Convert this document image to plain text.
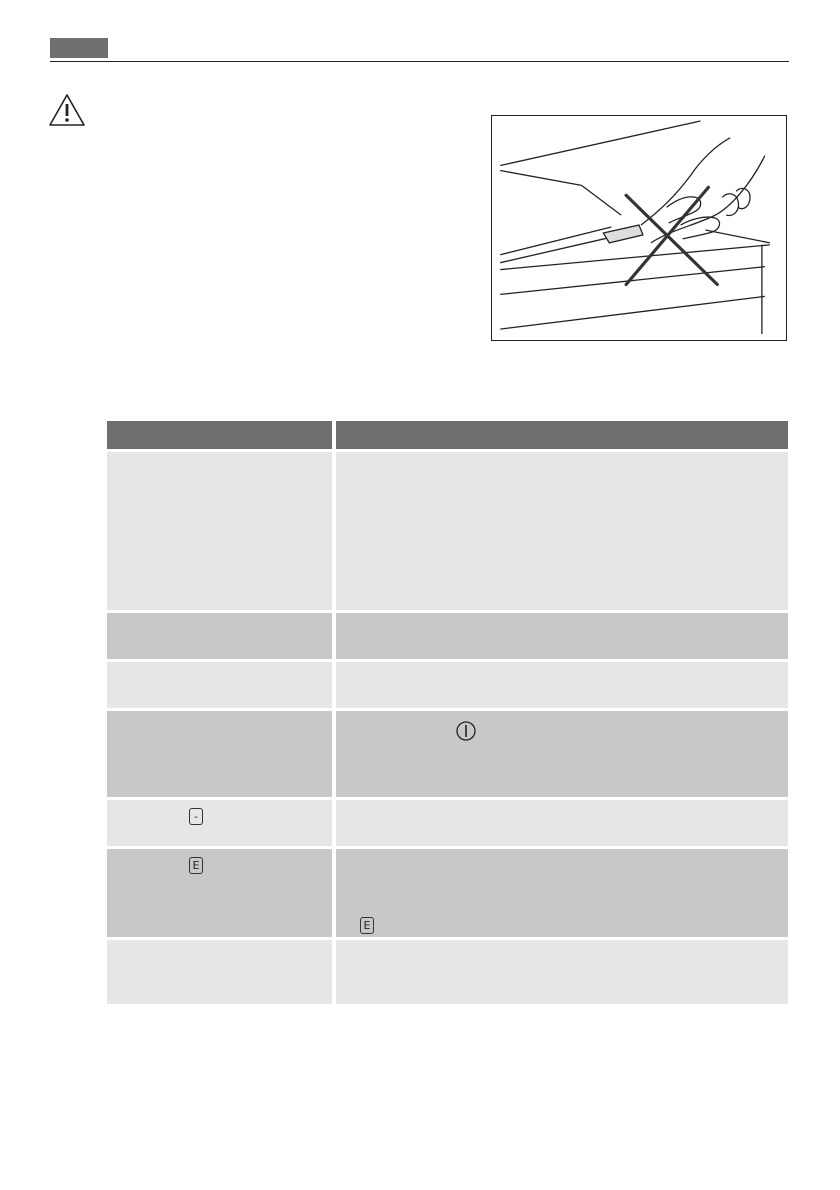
-
E
E
